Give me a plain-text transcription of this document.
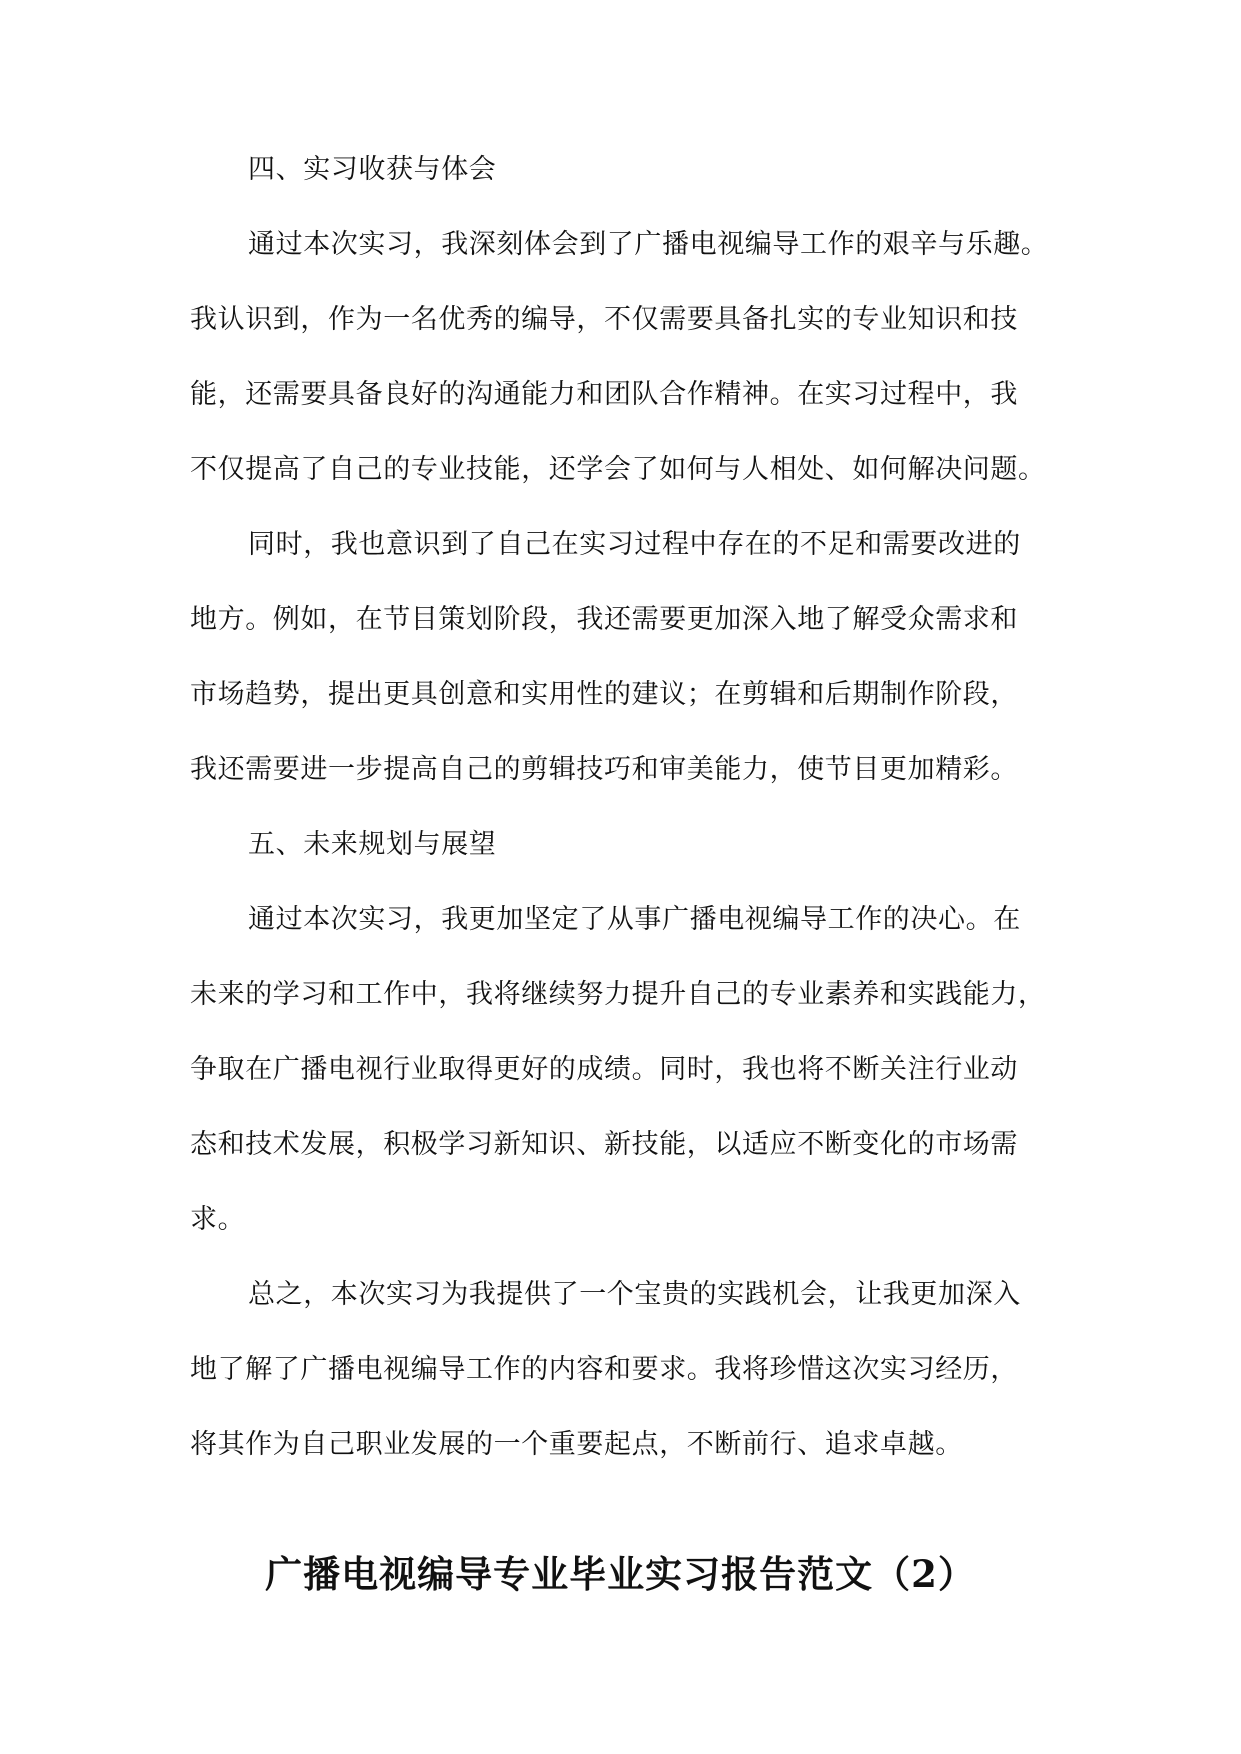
四、实习收获与体会
通过本次实习，我深刻体会到了广播电视编导工作的艰辛与乐趣。
我认识到，作为一名优秀的编导，不仅需要具备扎实的专业知识和技
能，还需要具备良好的沟通能力和团队合作精神。在实习过程中，我
不仅提高了自己的专业技能，还学会了如何与人相处、如何解决问题。
同时，我也意识到了自己在实习过程中存在的不足和需要改进的
地方。例如，在节目策划阶段，我还需要更加深入地了解受众需求和
市场趋势，提出更具创意和实用性的建议；在剪辑和后期制作阶段，
我还需要进一步提高自己的剪辑技巧和审美能力，使节目更加精彩。
五、未来规划与展望
通过本次实习，我更加坚定了从事广播电视编导工作的决心。在
未来的学习和工作中，我将继续努力提升自己的专业素养和实践能力，
争取在广播电视行业取得更好的成绩。同时，我也将不断关注行业动
态和技术发展，积极学习新知识、新技能，以适应不断变化的市场需
求。
总之，本次实习为我提供了一个宝贵的实践机会，让我更加深入
地了解了广播电视编导工作的内容和要求。我将珍惜这次实习经历，
将其作为自己职业发展的一个重要起点，不断前行、追求卓越。
广播电视编导专业毕业实习报告范文（2）
